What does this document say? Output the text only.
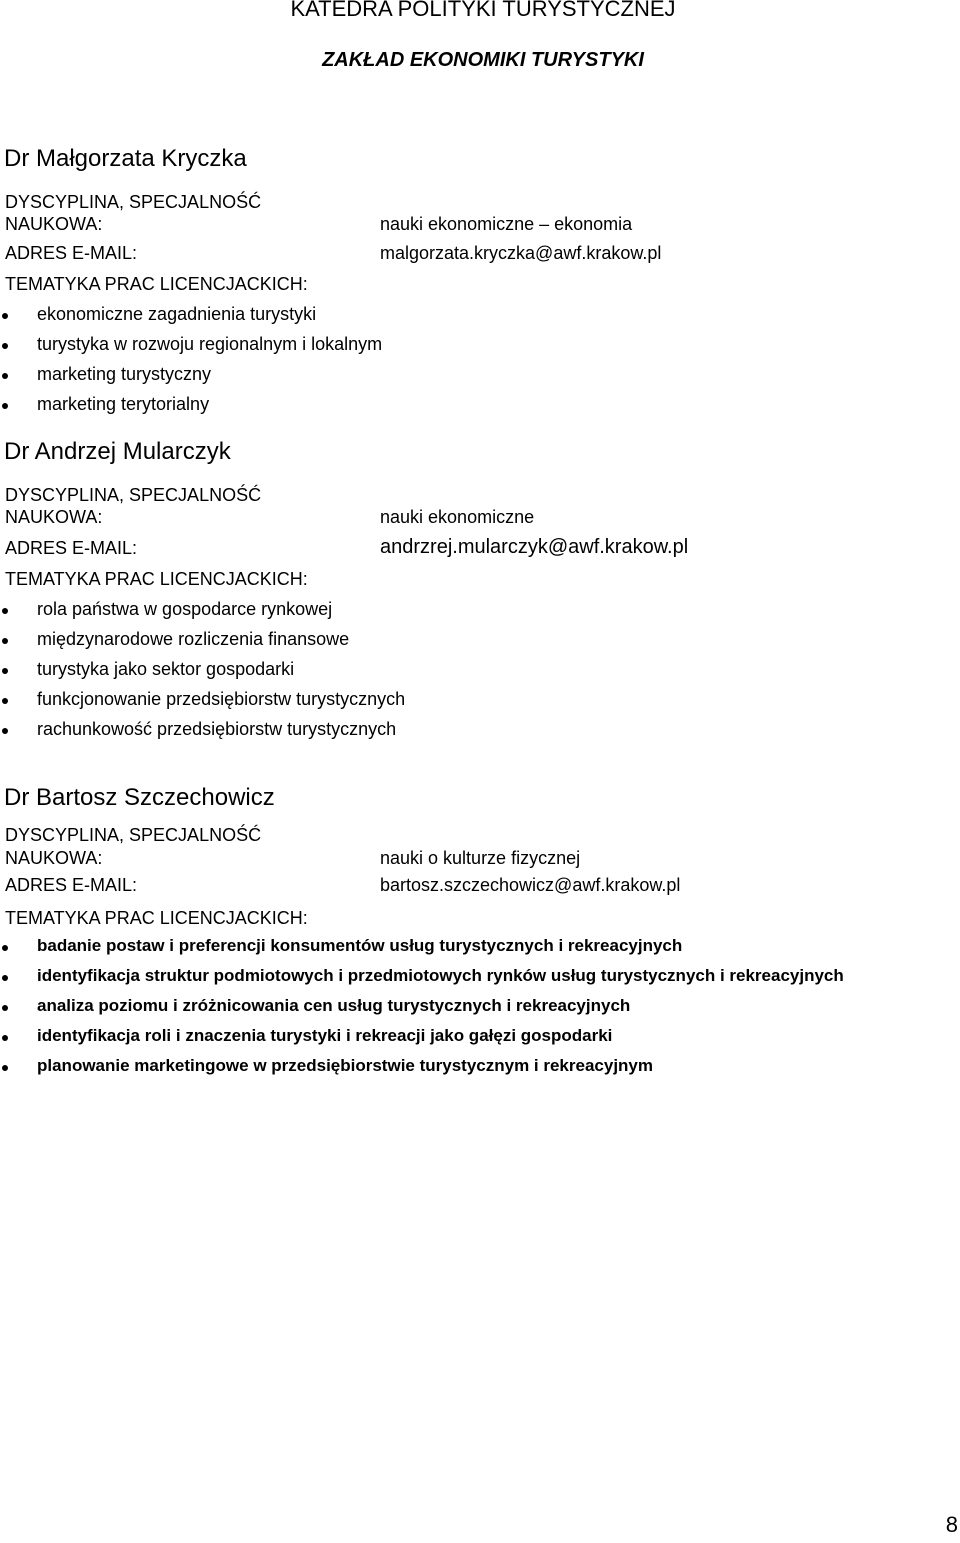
KATEDRA POLITYKI TURYSTYCZNEJ
ZAKŁAD EKONOMIKI TURYSTYKI
Dr Małgorzata Kryczka
DYSCYPLINA, SPECJALNOŚĆ
NAUKOWA:	nauki ekonomiczne – ekonomia
ADRES E-MAIL:	malgorzata.kryczka@awf.krakow.pl
TEMATYKA PRAC LICENCJACKICH:
ekonomiczne zagadnienia turystyki
turystyka w rozwoju regionalnym i lokalnym
marketing turystyczny
marketing terytorialny
Dr Andrzej Mularczyk
DYSCYPLINA, SPECJALNOŚĆ
NAUKOWA:	nauki ekonomiczne
ADRES E-MAIL:	andrzrej.mularczyk@awf.krakow.pl
TEMATYKA PRAC LICENCJACKICH:
rola państwa w gospodarce rynkowej
międzynarodowe rozliczenia finansowe
turystyka jako sektor gospodarki
funkcjonowanie przedsiębiorstw turystycznych
rachunkowość przedsiębiorstw turystycznych
Dr Bartosz Szczechowicz
DYSCYPLINA, SPECJALNOŚĆ
NAUKOWA:	nauki o kulturze fizycznej
ADRES E-MAIL:	bartosz.szczechowicz@awf.krakow.pl
TEMATYKA PRAC LICENCJACKICH:
badanie postaw i preferencji konsumentów usług turystycznych i rekreacyjnych
identyfikacja struktur podmiotowych i przedmiotowych rynków usług turystycznych i rekreacyjnych
analiza poziomu i zróżnicowania cen usług turystycznych i rekreacyjnych
identyfikacja roli i znaczenia turystyki i rekreacji jako gałęzi gospodarki
planowanie marketingowe w przedsiębiorstwie turystycznym i rekreacyjnym
8
